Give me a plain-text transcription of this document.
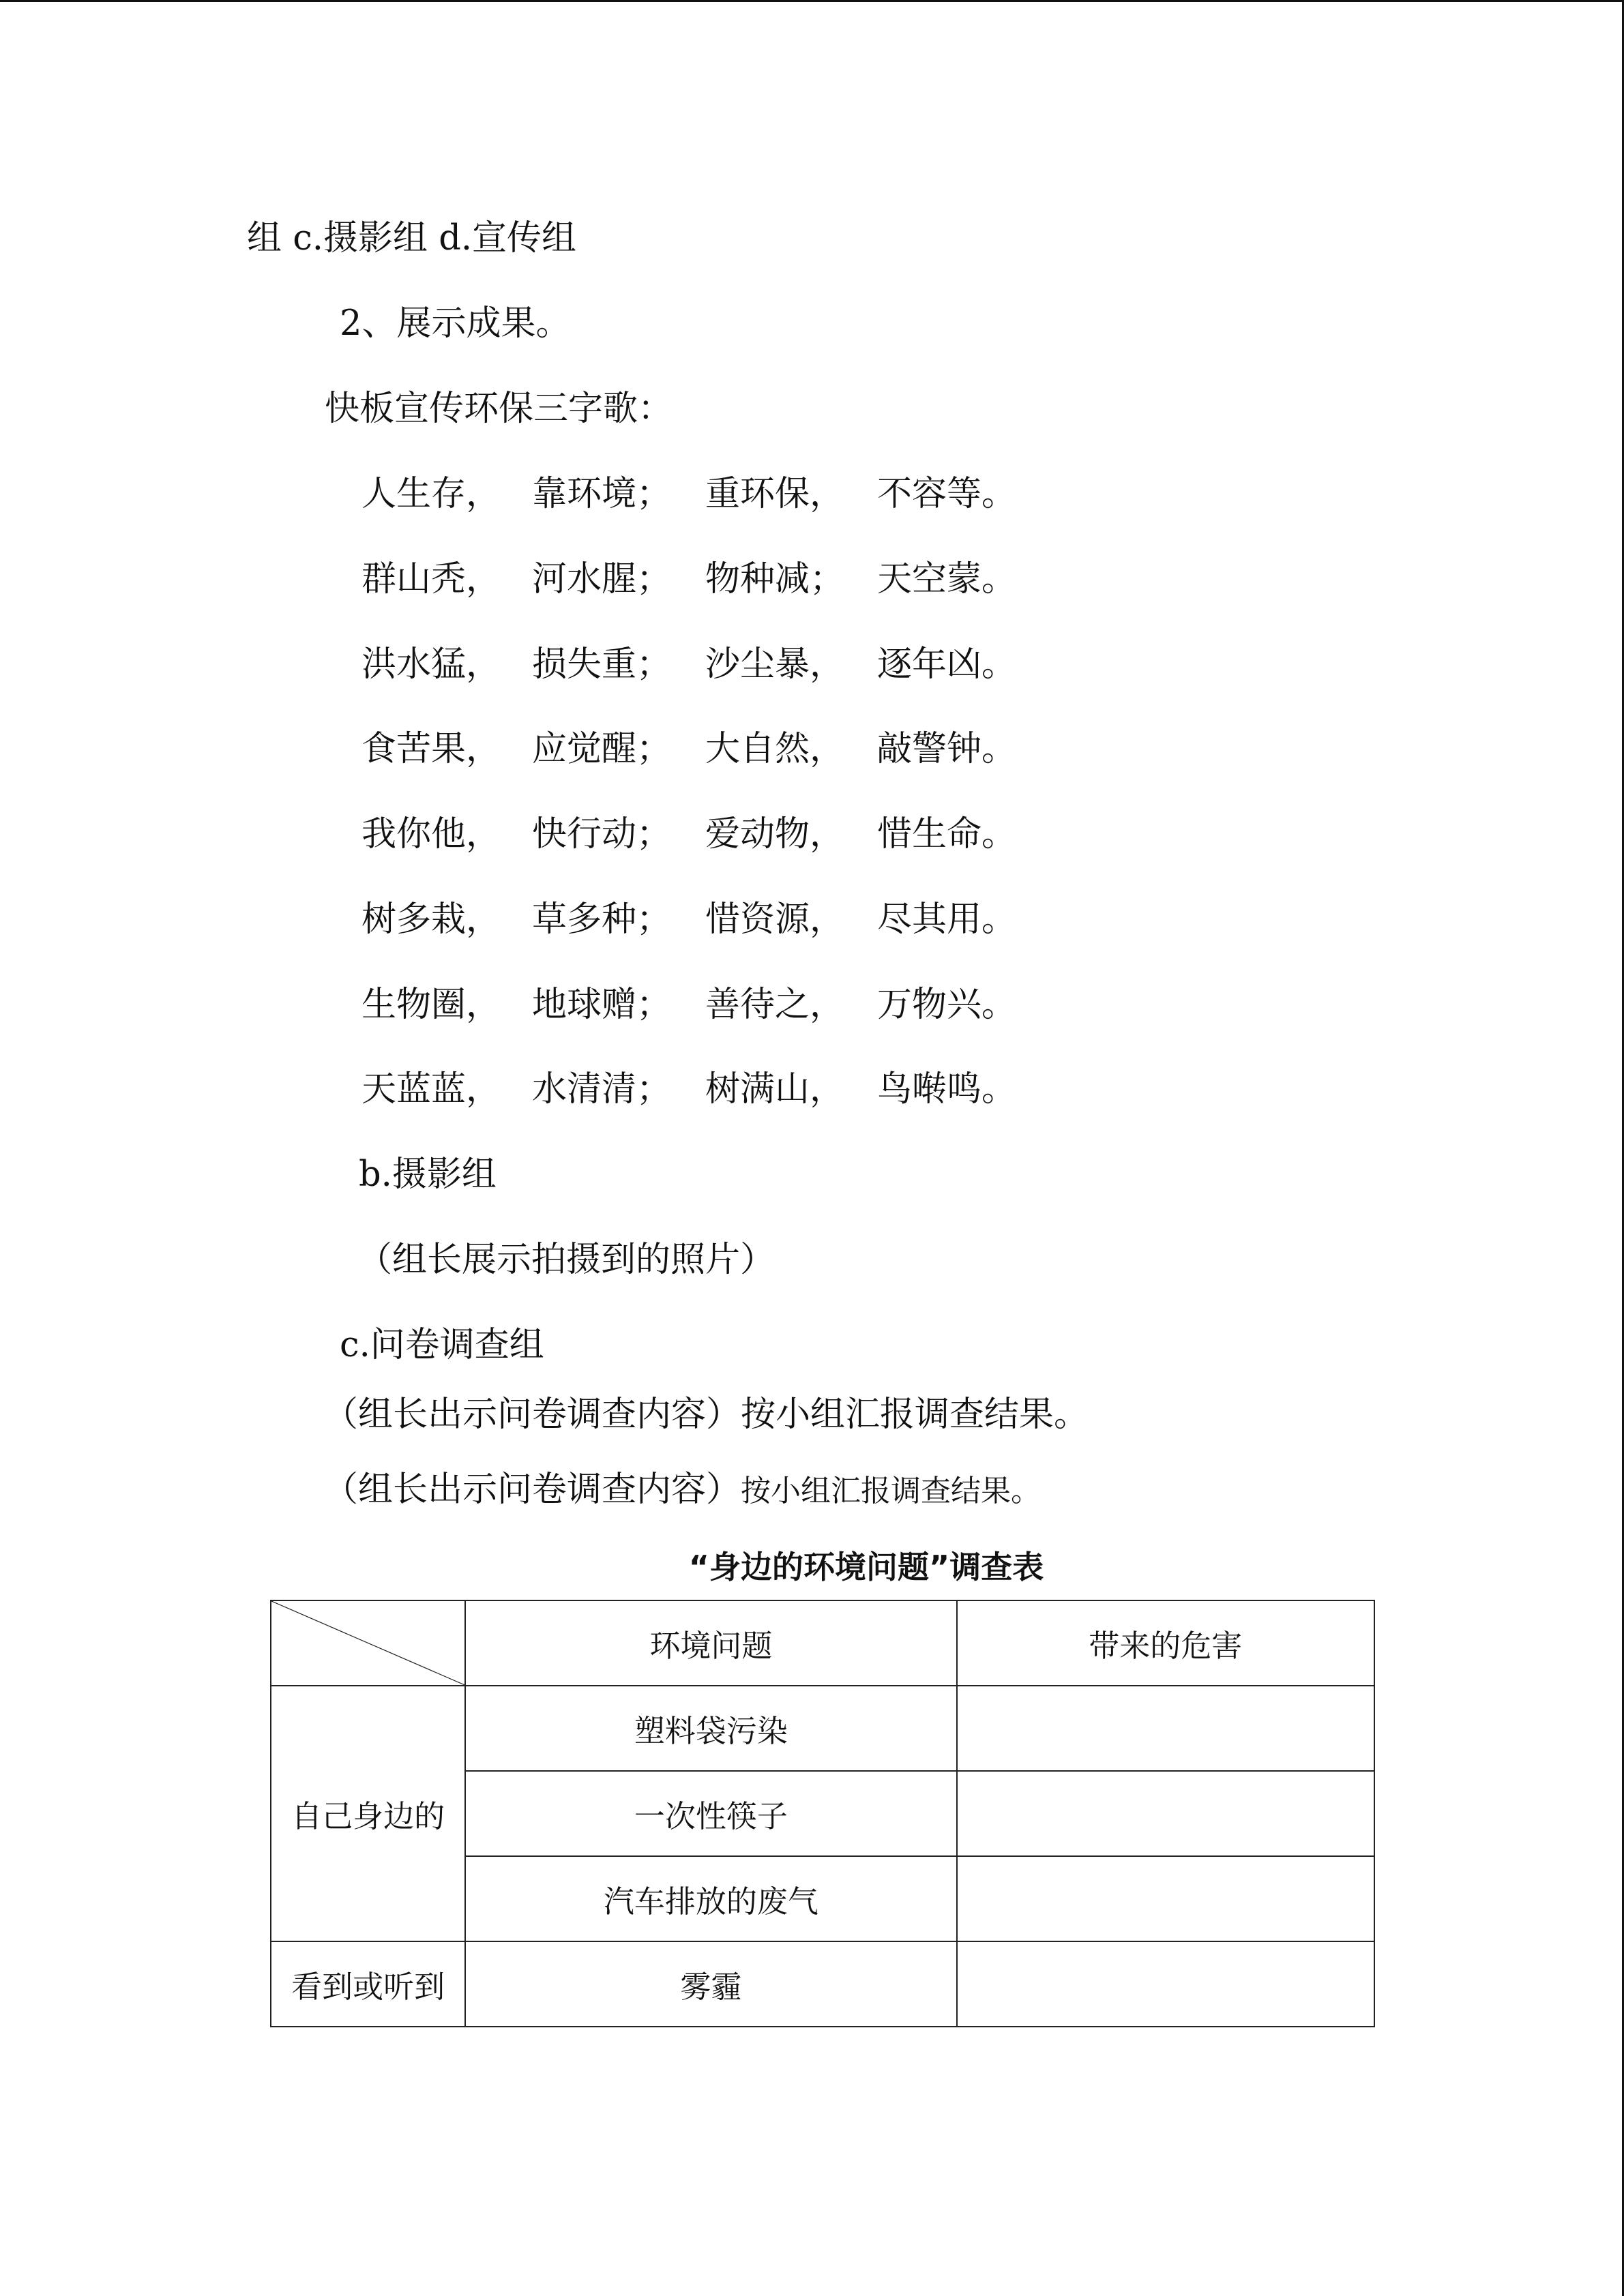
组 c.摄影组 d.宣传组
2、展示成果。
快板宣传环保三字歌：
人生存， 靠环境； 重环保， 不容等。
群山秃， 河水腥； 物种减； 天空蒙。
洪水猛， 损失重； 沙尘暴， 逐年凶。
食苦果， 应觉醒； 大自然， 敲警钟。
我你他， 快行动； 爱动物， 惜生命。
树多栽， 草多种； 惜资源， 尽其用。
生物圈， 地球赠； 善待之， 万物兴。
天蓝蓝， 水清清； 树满山， 鸟啭鸣。
b.摄影组
（组长展示拍摄到的照片）
c.问卷调查组
（组长出示问卷调查内容）按小组汇报调查结果。
（组长出示问卷调查内容）按小组汇报调查结果。
“身边的环境问题”调查表
	环境问题	带来的危害
自己身边的	塑料袋污染	
	一次性筷子	
	汽车排放的废气	
看到或听到	雾霾	
